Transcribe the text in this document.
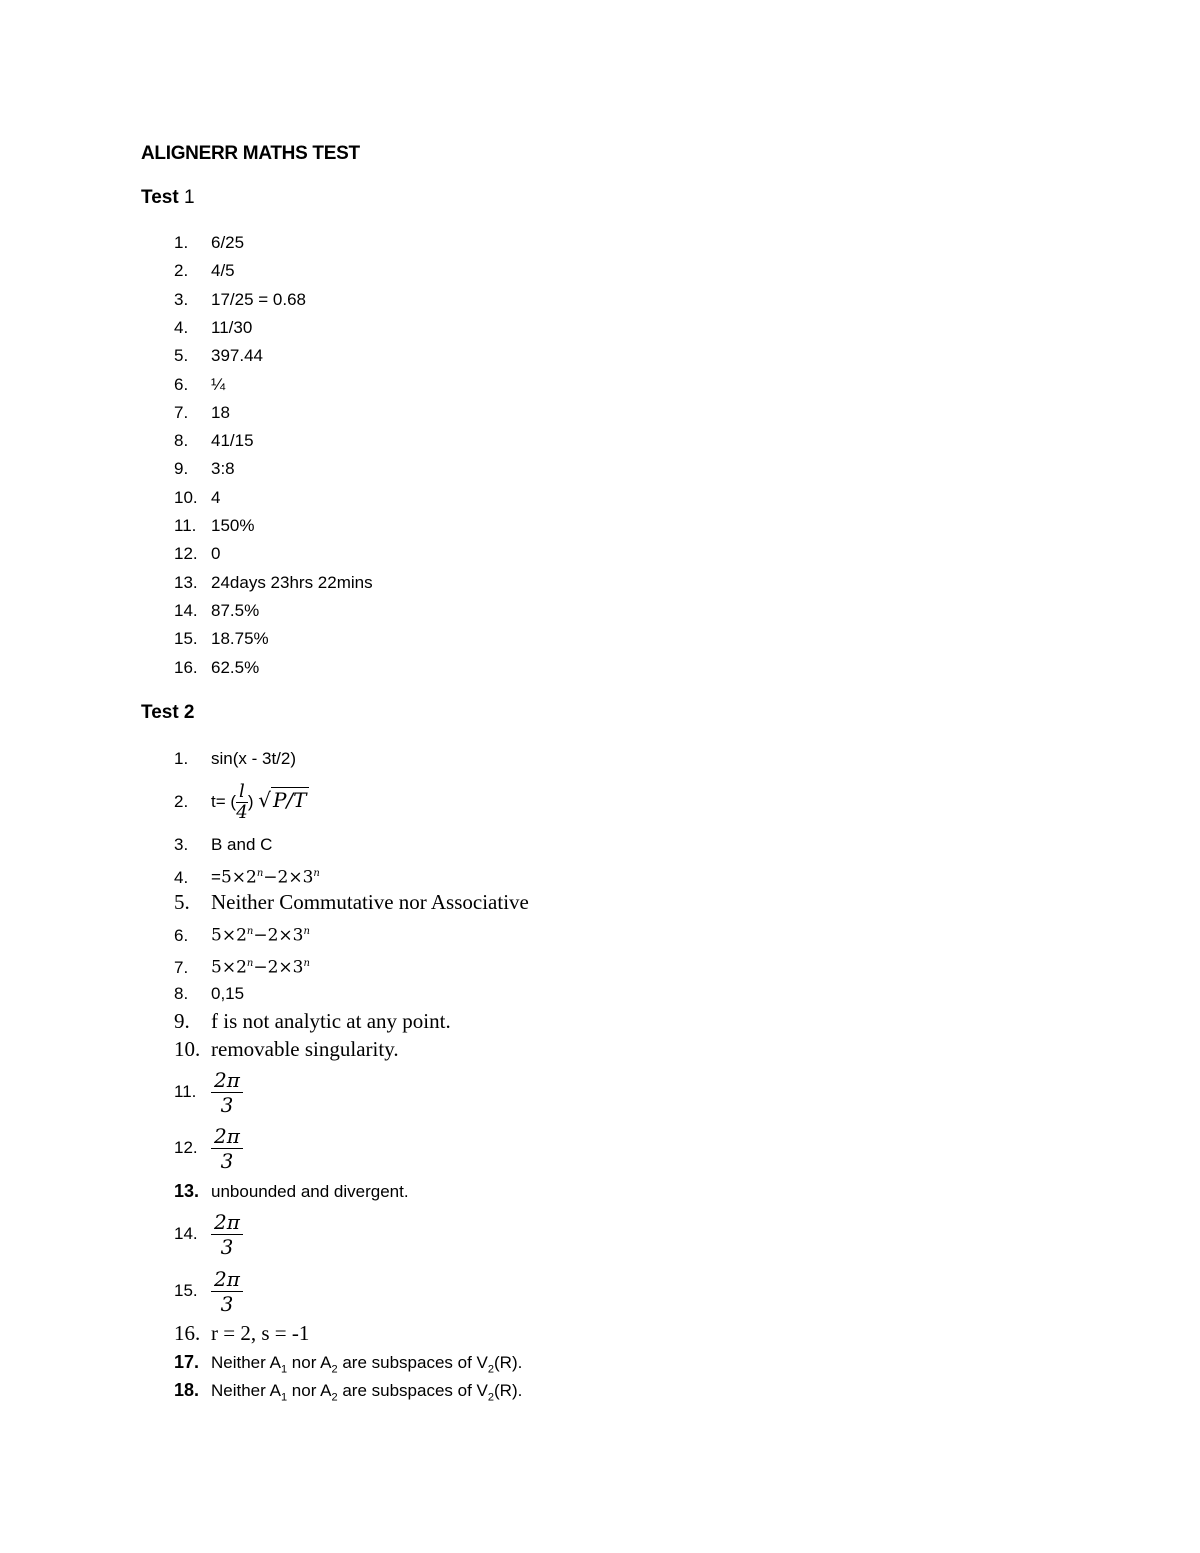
ALIGNERR MATHS TEST
Test 1
1. 6/25
2. 4/5
3. 17/25 = 0.68
4. 11/30
5. 397.44
6. ¼
7. 18
8. 41/15
9. 3:8
10. 4
11. 150%
12. 0
13. 24days 23hrs 22mins
14. 87.5%
15. 18.75%
16. 62.5%
Test 2
1. sin(x - 3t/2)
2. t= ( $\frac{l}{4}$ ) √ P/T
3. B and C
4. $=5\times 2^n-2\times 3^n$
5. Neither Commutative nor Associative
6. $5\times 2^n-2\times 3^n$
7. $5\times 2^n-2\times 3^n$
8. 0,15
9. f is not analytic at any point.
10. removable singularity.
11. $\frac{2\pi}{3}$
12. $\frac{2\pi}{3}$
13. unbounded and divergent.
14. $\frac{2\pi}{3}$
15. $\frac{2\pi}{3}$
16. r = 2, s = -1
17. Neither $A_1$ nor $A_2$ are subspaces of $V_2(R)$.
18. Neither $A_1$ nor $A_2$ are subspaces of $V_2(R)$.
